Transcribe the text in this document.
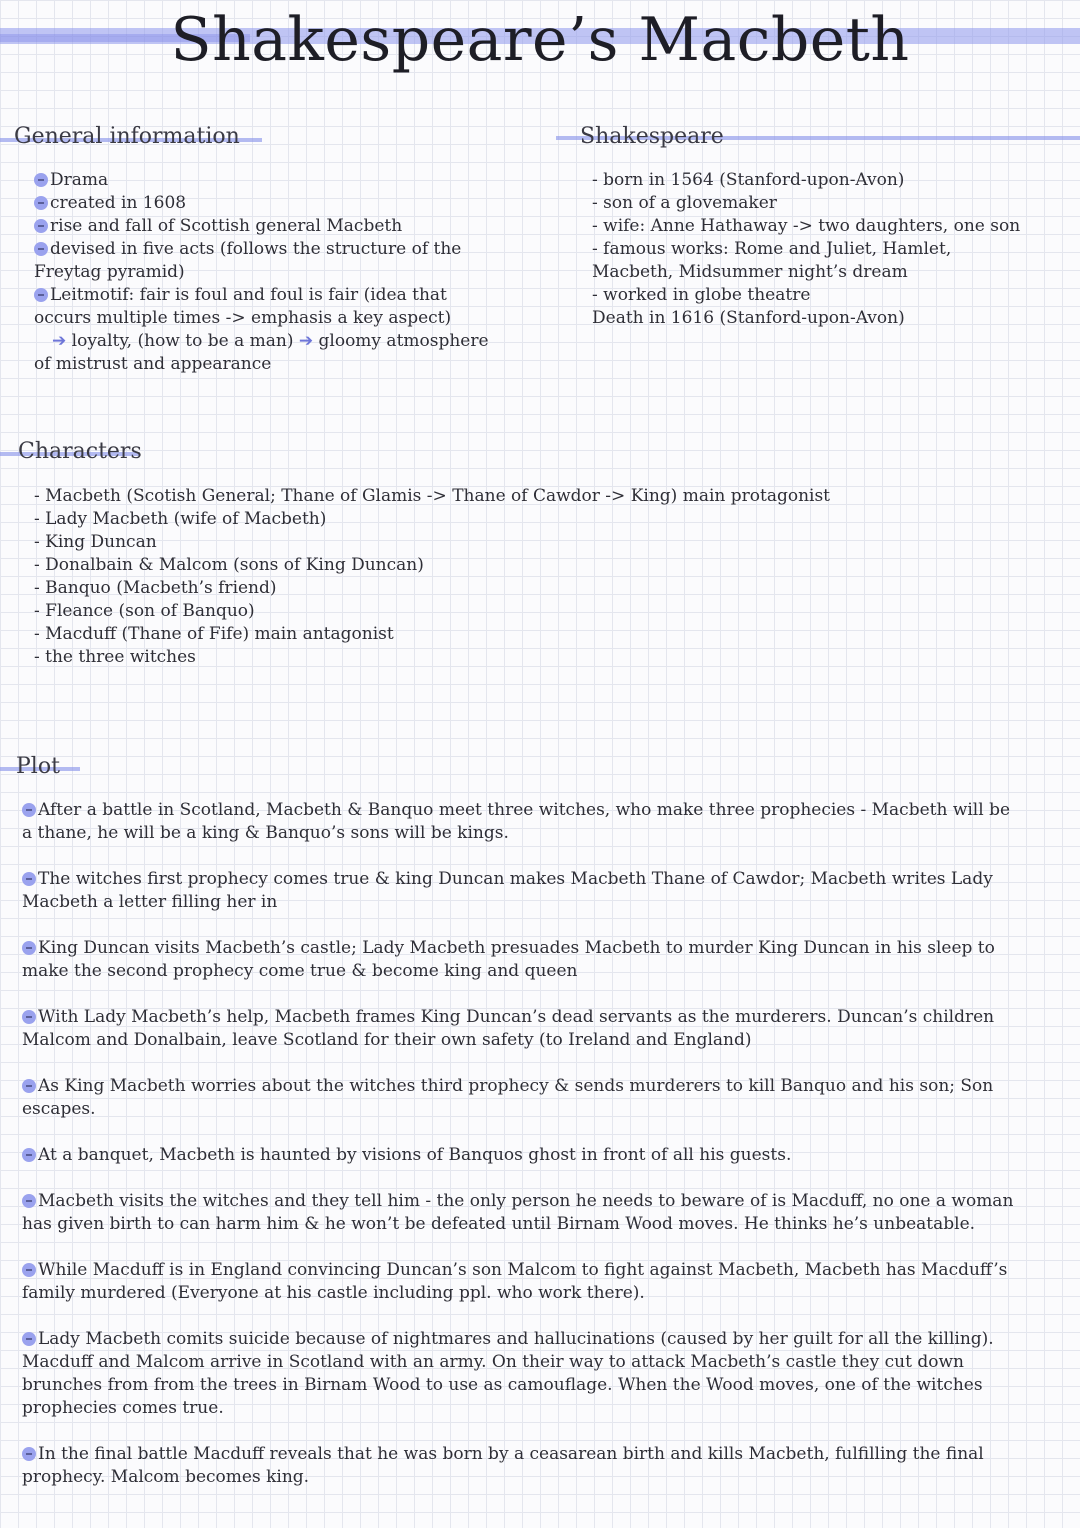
Shakespeare’s Macbeth
General information
Drama
created in 1608
rise and fall of Scottish general Macbeth
devised in five acts (follows the structure of the Freytag pyramid)
Leitmotif: fair is foul and foul is fair (idea that occurs multiple times -> emphasis a key aspect)
➔ loyalty, (how to be a man) ➔ gloomy atmosphere of mistrust and appearance
Shakespeare
- born in 1564 (Stanford-upon-Avon)
- son of a glovemaker
- wife: Anne Hathaway -> two daughters, one son
- famous works: Rome and Juliet, Hamlet, Macbeth, Midsummer night’s dream
- worked in globe theatre
Death in 1616 (Stanford-upon-Avon)
Characters
- Macbeth (Scotish General; Thane of Glamis -> Thane of Cawdor -> King) main protagonist
- Lady Macbeth (wife of Macbeth)
- King Duncan
- Donalbain & Malcom (sons of King Duncan)
- Banquo (Macbeth’s friend)
- Fleance (son of Banquo)
- Macduff (Thane of Fife) main antagonist
- the three witches
Plot

After a battle in Scotland, Macbeth & Banquo meet three witches, who make three prophecies - Macbeth will be a thane, he will be a king & Banquo’s sons will be kings.

The witches first prophecy comes true & king Duncan makes Macbeth Thane of Cawdor; Macbeth writes Lady Macbeth a letter filling her in

King Duncan visits Macbeth’s castle; Lady Macbeth presuades Macbeth to murder King Duncan in his sleep to make the second prophecy come true & become king and queen

With Lady Macbeth’s help, Macbeth frames King Duncan’s dead servants as the murderers. Duncan’s children Malcom and Donalbain, leave Scotland for their own safety (to Ireland and England)

As King Macbeth worries about the witches third prophecy & sends murderers to kill Banquo and his son; Son escapes.

At a banquet, Macbeth is haunted by visions of Banquos ghost in front of all his guests.

Macbeth visits the witches and they tell him - the only person he needs to beware of is Macduff, no one a woman has given birth to can harm him & he won’t be defeated until Birnam Wood moves. He thinks he’s unbeatable.

While Macduff is in England convincing Duncan’s son Malcom to fight against Macbeth, Macbeth has Macduff’s family murdered (Everyone at his castle including ppl. who work there).

Lady Macbeth comits suicide because of nightmares and hallucinations (caused by her guilt for all the killing). Macduff and Malcom arrive in Scotland with an army. On their way to attack Macbeth’s castle they cut down brunches from from the trees in Birnam Wood to use as camouflage. When the Wood moves, one of the witches prophecies comes true.

In the final battle Macduff reveals that he was born by a ceasarean birth and kills Macbeth, fulfilling the final prophecy. Malcom becomes king.
